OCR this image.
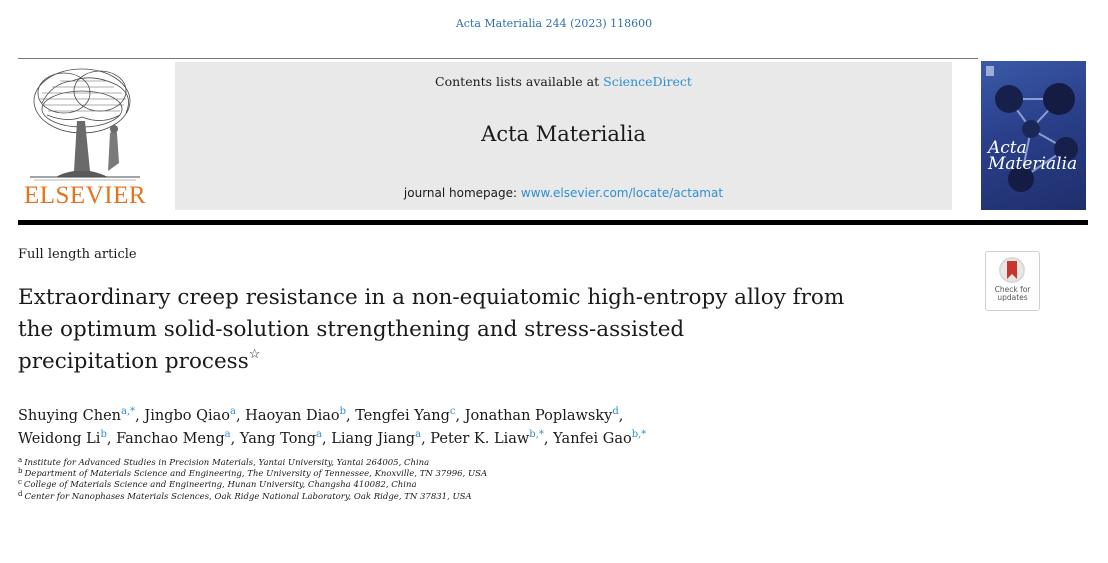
Acta Materialia 244 (2023) 118600
ELSEVIER
Contents lists available at ScienceDirect
Acta Materialia
journal homepage: www.elsevier.com/locate/actamat
Acta Materialia
Full length article
Check for updates
Extraordinary creep resistance in a non-equiatomic high-entropy alloy from
the optimum solid-solution strengthening and stress-assisted
precipitation process☆
Shuying Chen$^{a,*}$, Jingbo Qiao$^a$, Haoyan Diao$^b$, Tengfei Yang$^c$, Jonathan Poplawsky$^d$,
Weidong Li$^b$, Fanchao Meng$^a$, Yang Tong$^a$, Liang Jiang$^a$, Peter K. Liaw$^{b,*}$, Yanfei Gao$^{b,*}$
$^a$ Institute for Advanced Studies in Precision Materials, Yantai University, Yantai 264005, China
$^b$ Department of Materials Science and Engineering, The University of Tennessee, Knoxville, TN 37996, USA
$^c$ College of Materials Science and Engineering, Hunan University, Changsha 410082, China
$^d$ Center for Nanophases Materials Sciences, Oak Ridge National Laboratory, Oak Ridge, TN 37831, USA
